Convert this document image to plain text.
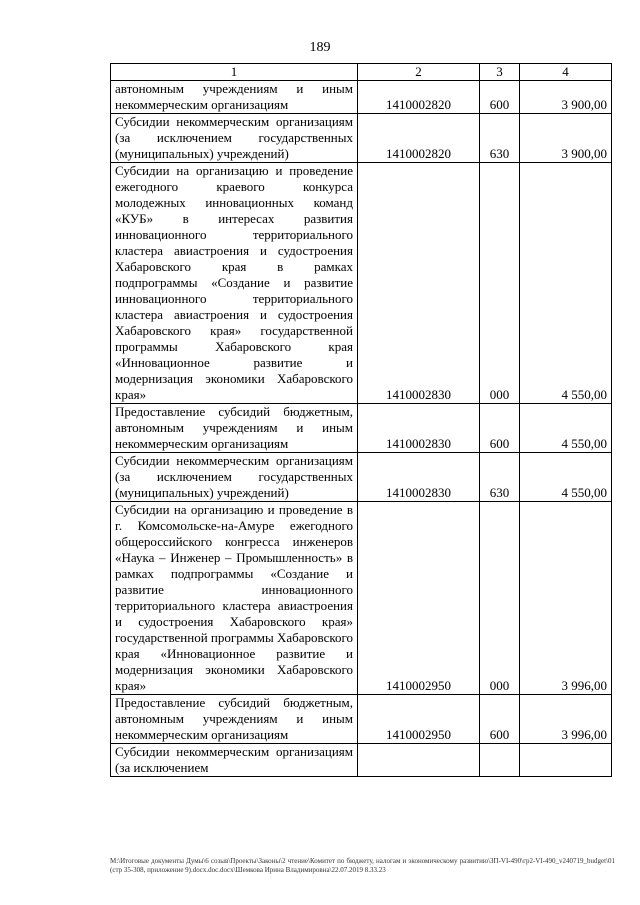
189
1	2	3	4
автономным учреждениям и иным некоммерческим организациям	1410002820	600	3 900,00
Субсидии некоммерческим организациям (за исключением государственных (муниципальных) учреждений)	1410002820	630	3 900,00
Субсидии на организацию и проведение ежегодного краевого конкурса молодежных инновационных команд «КУБ» в интересах развития инновационного территориального кластера авиастроения и судостроения Хабаровского края в рамках подпрограммы «Создание и развитие инновационного территориального кластера авиастроения и судостроения Хабаровского края» государственной программы Хабаровского края «Инновационное развитие и модернизация экономики Хабаровского края»	1410002830	000	4 550,00
Предоставление субсидий бюджетным, автономным учреждениям и иным некоммерческим организациям	1410002830	600	4 550,00
Субсидии некоммерческим организациям (за исключением государственных (муниципальных) учреждений)	1410002830	630	4 550,00
Субсидии на организацию и проведение в г. Комсомольске-на-Амуре ежегодного общероссийского конгресса инженеров «Наука – Инженер – Промышленность» в рамках подпрограммы «Создание и развитие инновационного территориального кластера авиастроения и судостроения Хабаровского края» государственной программы Хабаровского края «Инновационное развитие и модернизация экономики Хабаровского края»	1410002950	000	3 996,00
Предоставление субсидий бюджетным, автономным учреждениям и иным некоммерческим организациям	1410002950	600	3 996,00
Субсидии некоммерческим организациям (за исключением			
M:\Итоговые документы Думы\6 созыв\Проекты\Законы\2 чтение\Комитет по бюджету, налогам и экономическому развитию\ЗП-VI-490\гр2-VI-490_v240719_budget\01(стр 35-308, приложение 9).docx.doc.docx\Шемкова Ирина Владимировна\22.07.2019 8.33.23
